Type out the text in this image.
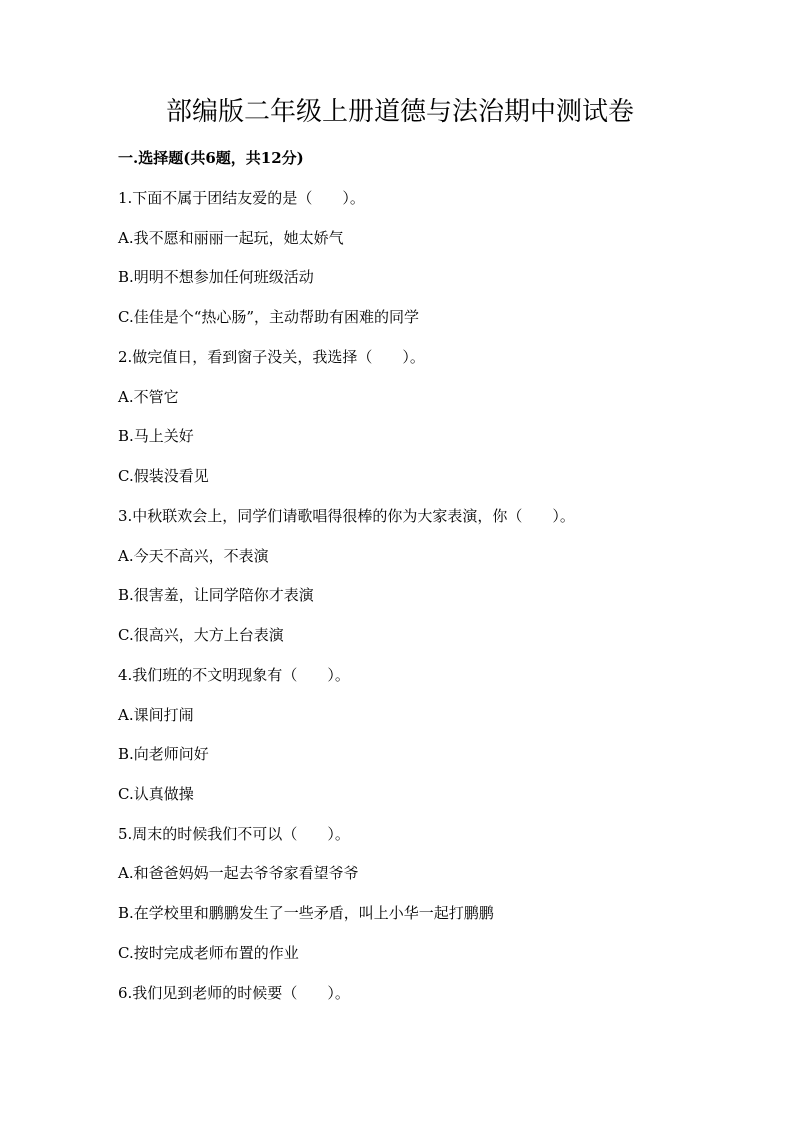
部编版二年级上册道德与法治期中测试卷
一.选择题(共6题，共12分)
1.下面不属于团结友爱的是（　　）。
A.我不愿和丽丽一起玩，她太娇气
B.明明不想参加任何班级活动
C.佳佳是个“热心肠”，主动帮助有困难的同学
2.做完值日，看到窗子没关，我选择（　　）。
A.不管它
B.马上关好
C.假装没看见
3.中秋联欢会上，同学们请歌唱得很棒的你为大家表演，你（　　）。
A.今天不高兴，不表演
B.很害羞，让同学陪你才表演
C.很高兴，大方上台表演
4.我们班的不文明现象有（　　）。
A.课间打闹
B.向老师问好
C.认真做操
5.周末的时候我们不可以（　　）。
A.和爸爸妈妈一起去爷爷家看望爷爷
B.在学校里和鹏鹏发生了一些矛盾，叫上小华一起打鹏鹏
C.按时完成老师布置的作业
6.我们见到老师的时候要（　　）。
